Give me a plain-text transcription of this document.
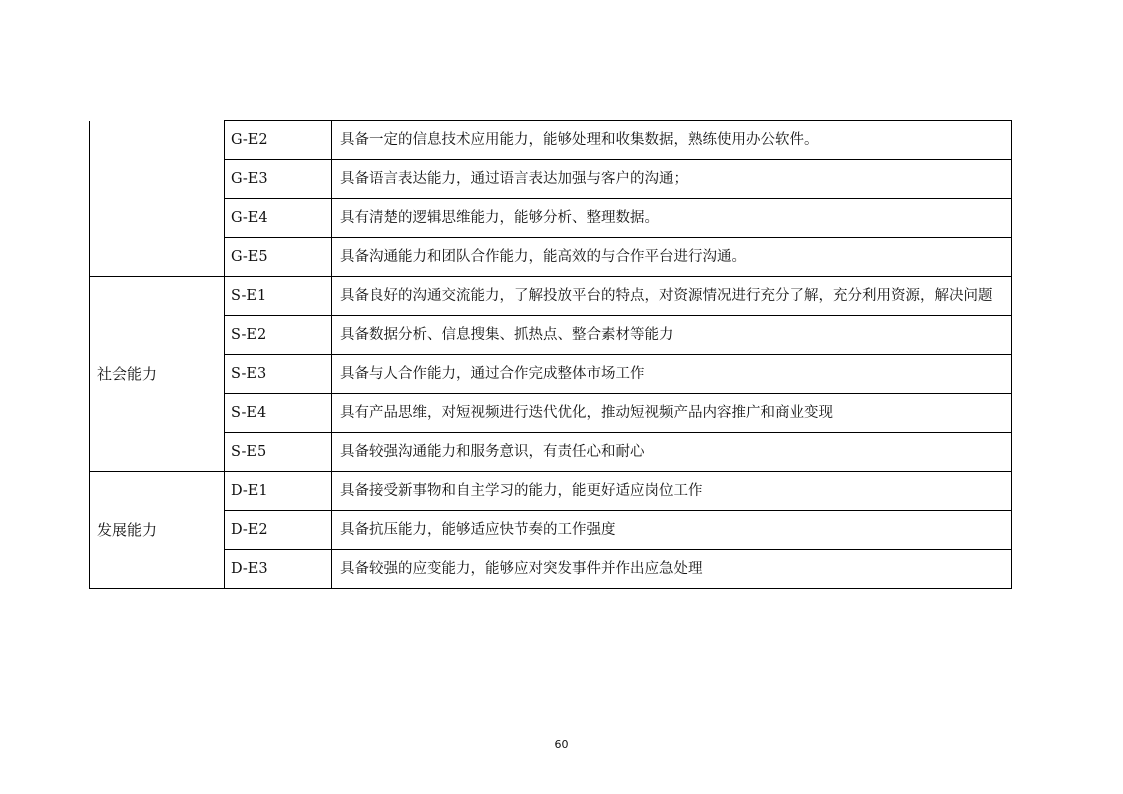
	G-E2	具备一定的信息技术应用能力，能够处理和收集数据，熟练使用办公软件。
	G-E3	具备语言表达能力，通过语言表达加强与客户的沟通；
	G-E4	具有清楚的逻辑思维能力，能够分析、整理数据。
	G-E5	具备沟通能力和团队合作能力，能高效的与合作平台进行沟通。
社会能力	S-E1	具备良好的沟通交流能力，了解投放平台的特点，对资源情况进行充分了解，充分利用资源，解决问题
	S-E2	具备数据分析、信息搜集、抓热点、整合素材等能力
	S-E3	具备与人合作能力，通过合作完成整体市场工作
	S-E4	具有产品思维，对短视频进行迭代优化，推动短视频产品内容推广和商业变现
	S-E5	具备较强沟通能力和服务意识，有责任心和耐心
发展能力	D-E1	具备接受新事物和自主学习的能力，能更好适应岗位工作
	D-E2	具备抗压能力，能够适应快节奏的工作强度
	D-E3	具备较强的应变能力，能够应对突发事件并作出应急处理
60
